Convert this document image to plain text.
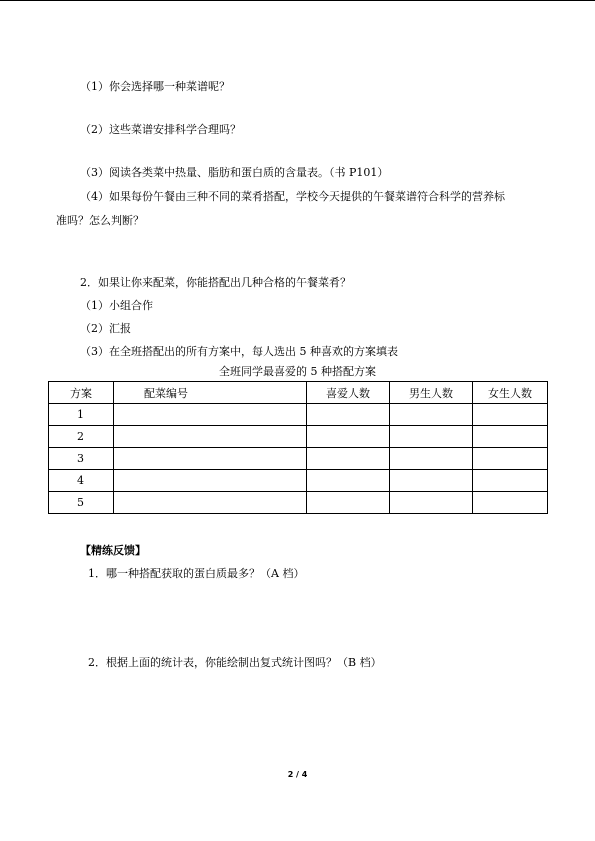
（1）你会选择哪一种菜谱呢？
（2）这些菜谱安排科学合理吗？
（3）阅读各类菜中热量、脂肪和蛋白质的含量表。（书 P101）
（4）如果每份午餐由三种不同的菜肴搭配，学校今天提供的午餐菜谱符合科学的营养标
准吗？怎么判断？
2．如果让你来配菜，你能搭配出几种合格的午餐菜肴？
（1）小组合作
（2）汇报
（3）在全班搭配出的所有方案中，每人选出 5 种喜欢的方案填表
全班同学最喜爱的 5 种搭配方案
方案	配菜编号	喜爱人数	男生人数	女生人数
1				
2				
3				
4				
5				
【精练反馈】
1．哪一种搭配获取的蛋白质最多？（A 档）
2．根据上面的统计表，你能绘制出复式统计图吗？（B 档）
2 / 4
